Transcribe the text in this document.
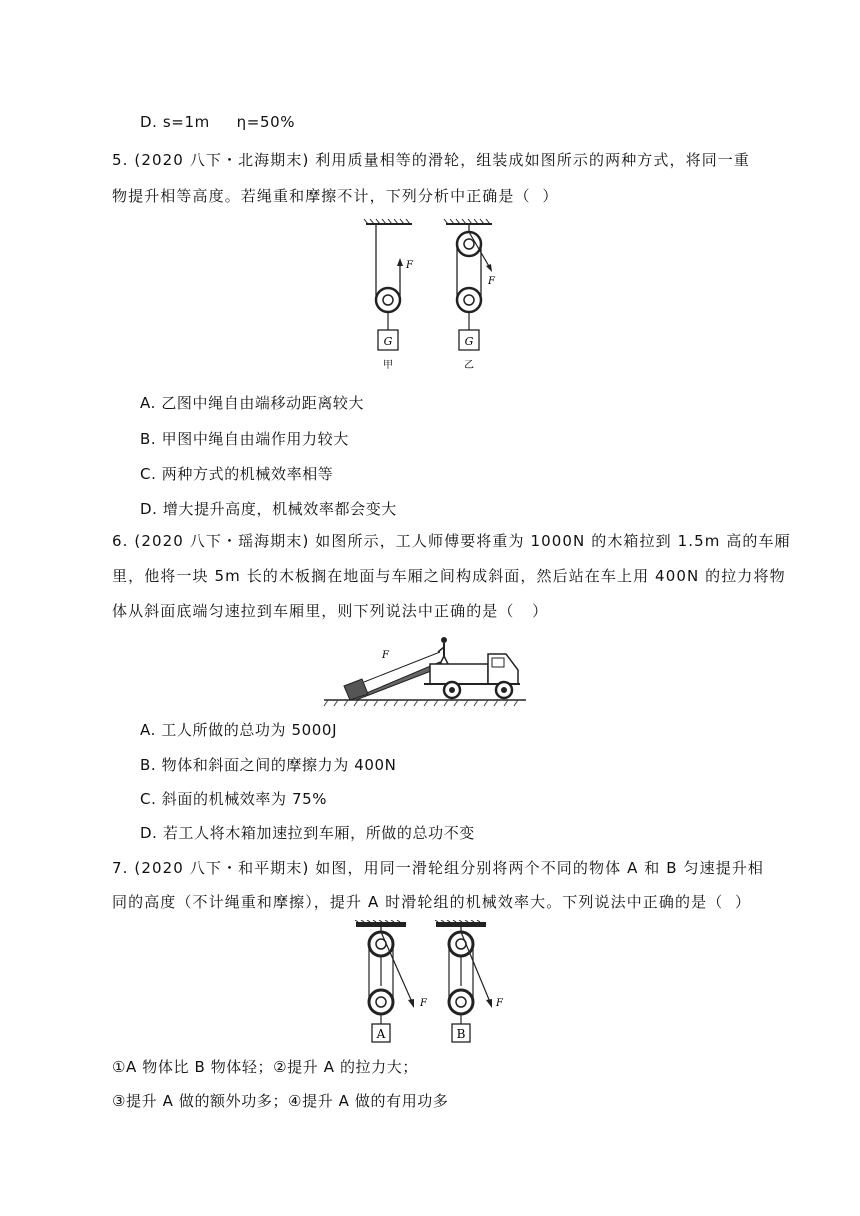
D. s=1m     η=50%
5. (2020 八下・北海期末) 利用质量相等的滑轮，组装成如图所示的两种方式，将同一重
物提升相等高度。若绳重和摩擦不计，下列分析中正确是（  ）
G
F
甲
F
G
乙
A. 乙图中绳自由端移动距离较大
B. 甲图中绳自由端作用力较大
C. 两种方式的机械效率相等
D. 增大提升高度，机械效率都会变大
6. (2020 八下・瑶海期末) 如图所示，工人师傅要将重为 1000N 的木箱拉到 1.5m 高的车厢
里，他将一块 5m 长的木板搁在地面与车厢之间构成斜面，然后站在车上用 400N 的拉力将物
体从斜面底端匀速拉到车厢里，则下列说法中正确的是（   ）
F
A. 工人所做的总功为 5000J
B. 物体和斜面之间的摩擦力为 400N
C. 斜面的机械效率为 75%
D. 若工人将木箱加速拉到车厢，所做的总功不变
7. (2020 八下・和平期末) 如图，用同一滑轮组分别将两个不同的物体 A 和 B 匀速提升相
同的高度（不计绳重和摩擦），提升 A 时滑轮组的机械效率大。下列说法中正确的是（  ）
A
F
B
F
①A 物体比 B 物体轻；②提升 A 的拉力大；
③提升 A 做的额外功多；④提升 A 做的有用功多
